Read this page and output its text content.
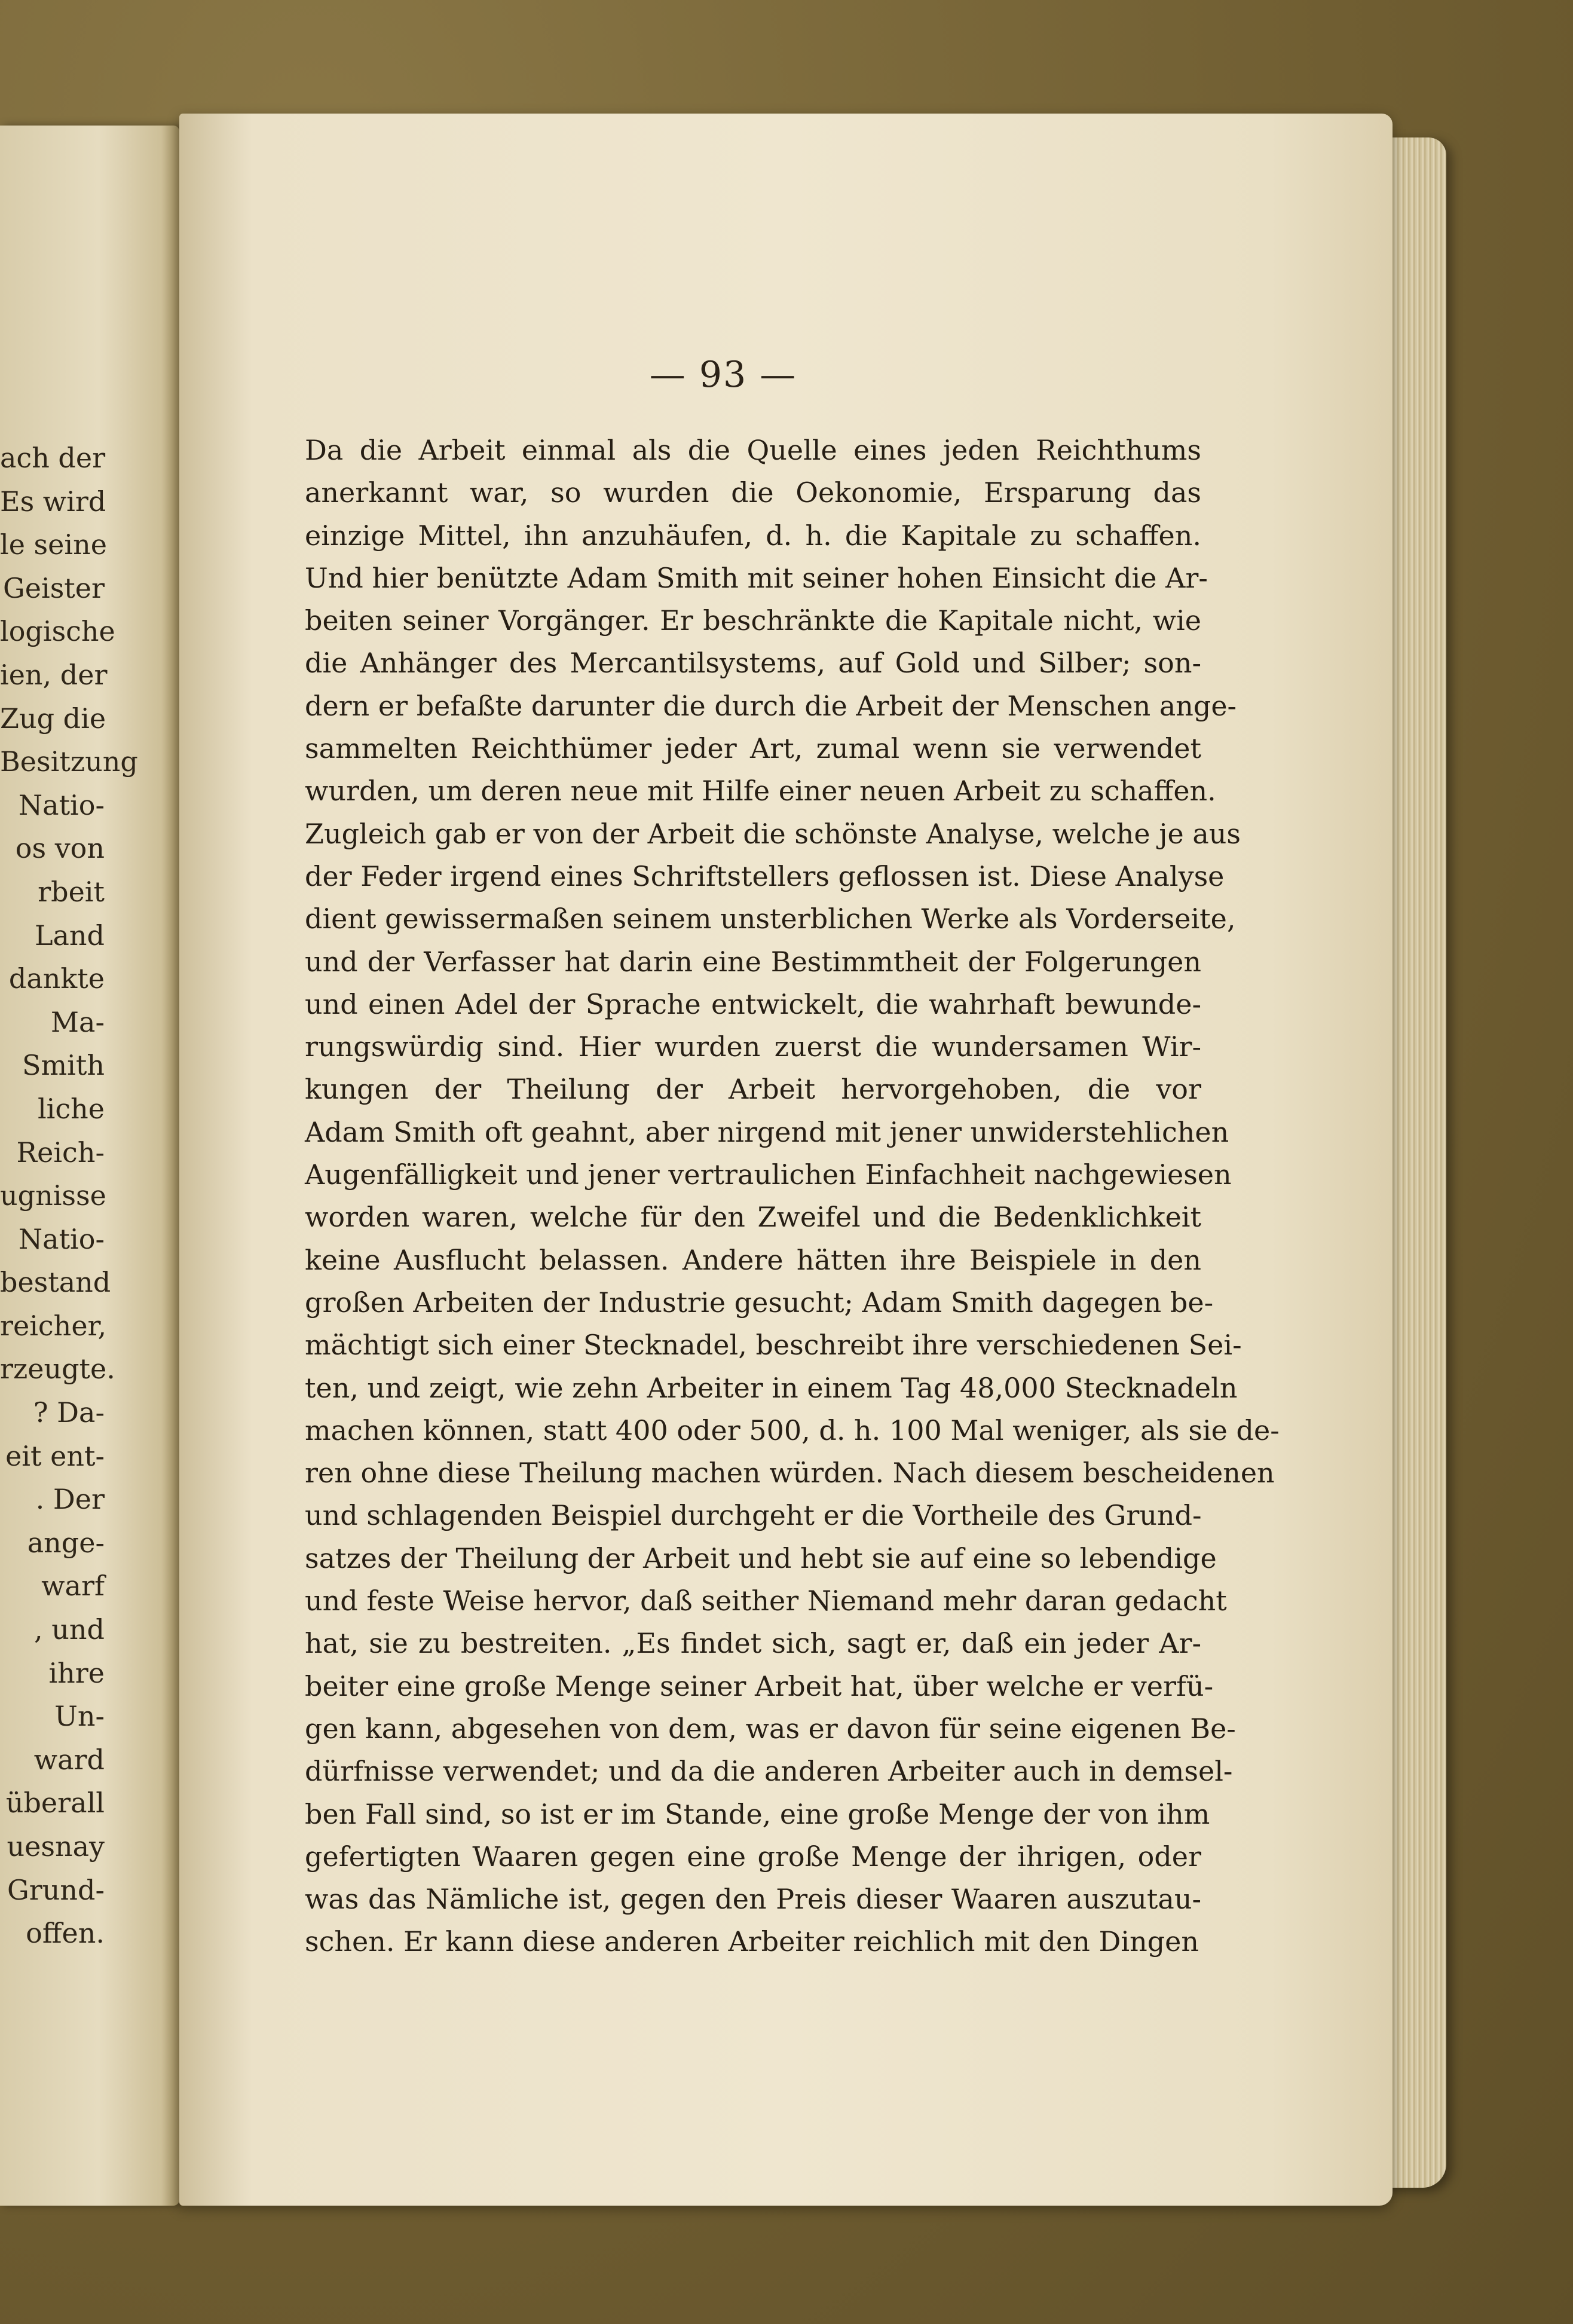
ach der
Es wird
le seine
Geister
logische
ien, der
Zug die
Besitzung
Natio-
os von
rbeit
Land
dankte
Ma-
Smith
liche
Reich-
ugnisse
Natio-
bestand
reicher,
rzeugte.
? Da-
eit ent-
. Der
ange-
warf
, und
ihre
Un-
ward
überall
uesnay
Grund-
offen.
— 93 —
Da die Arbeit einmal als die Quelle eines jeden Reichthums
anerkannt war, so wurden die Oekonomie, Ersparung das
einzige Mittel, ihn anzuhäufen, d. h. die Kapitale zu schaffen.
Und hier benützte Adam Smith mit seiner hohen Einsicht die Ar-
beiten seiner Vorgänger. Er beschränkte die Kapitale nicht, wie
die Anhänger des Mercantilsystems, auf Gold und Silber; son-
dern er befaßte darunter die durch die Arbeit der Menschen ange-
sammelten Reichthümer jeder Art, zumal wenn sie verwendet
wurden, um deren neue mit Hilfe einer neuen Arbeit zu schaffen.
Zugleich gab er von der Arbeit die schönste Analyse, welche je aus
der Feder irgend eines Schriftstellers geflossen ist. Diese Analyse
dient gewissermaßen seinem unsterblichen Werke als Vorderseite,
und der Verfasser hat darin eine Bestimmtheit der Folgerungen
und einen Adel der Sprache entwickelt, die wahrhaft bewunde-
rungswürdig sind. Hier wurden zuerst die wundersamen Wir-
kungen der Theilung der Arbeit hervorgehoben, die vor
Adam Smith oft geahnt, aber nirgend mit jener unwiderstehlichen
Augenfälligkeit und jener vertraulichen Einfachheit nachgewiesen
worden waren, welche für den Zweifel und die Bedenklichkeit
keine Ausflucht belassen. Andere hätten ihre Beispiele in den
großen Arbeiten der Industrie gesucht; Adam Smith dagegen be-
mächtigt sich einer Stecknadel, beschreibt ihre verschiedenen Sei-
ten, und zeigt, wie zehn Arbeiter in einem Tag 48,000 Stecknadeln
machen können, statt 400 oder 500, d. h. 100 Mal weniger, als sie de-
ren ohne diese Theilung machen würden. Nach diesem bescheidenen
und schlagenden Beispiel durchgeht er die Vortheile des Grund-
satzes der Theilung der Arbeit und hebt sie auf eine so lebendige
und feste Weise hervor, daß seither Niemand mehr daran gedacht
hat, sie zu bestreiten. „Es findet sich, sagt er, daß ein jeder Ar-
beiter eine große Menge seiner Arbeit hat, über welche er verfü-
gen kann, abgesehen von dem, was er davon für seine eigenen Be-
dürfnisse verwendet; und da die anderen Arbeiter auch in demsel-
ben Fall sind, so ist er im Stande, eine große Menge der von ihm
gefertigten Waaren gegen eine große Menge der ihrigen, oder
was das Nämliche ist, gegen den Preis dieser Waaren auszutau-
schen. Er kann diese anderen Arbeiter reichlich mit den Dingen
